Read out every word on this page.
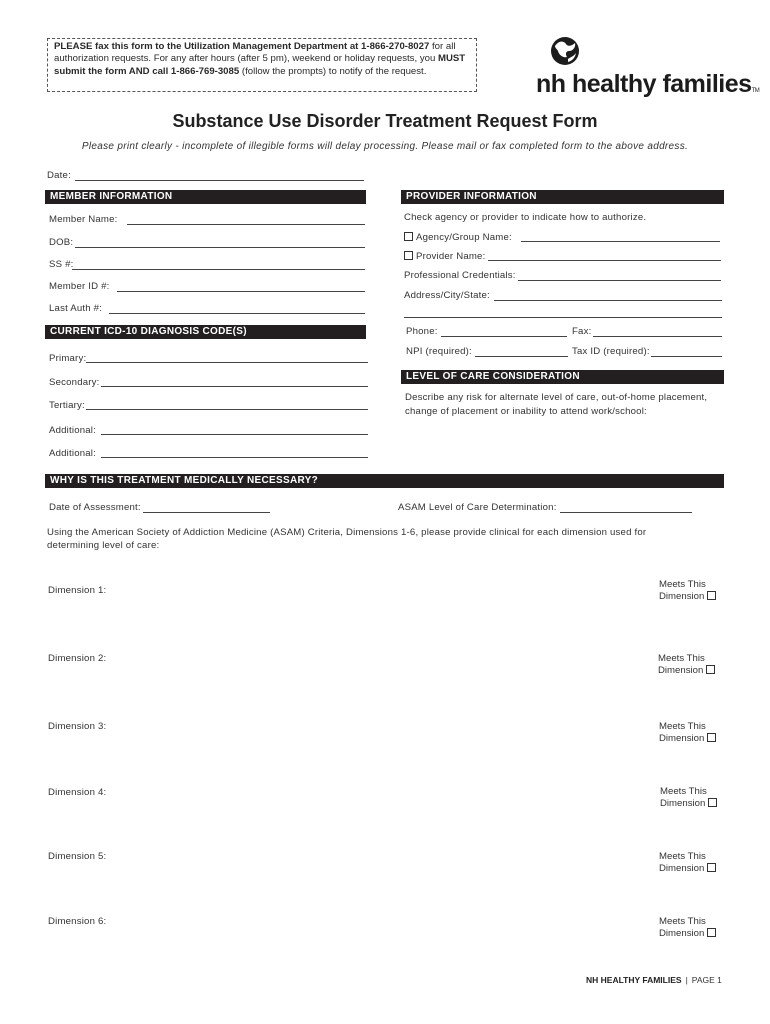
PLEASE fax this form to the Utilization Management Department at 1-866-270-8027 for all authorization requests. For any after hours (after 5 pm), weekend or holiday requests, you MUST submit the form AND call 1-866-769-3085 (follow the prompts) to notify of the request.	nh healthy familiesTM
Substance Use Disorder Treatment Request Form
Please print clearly - incomplete of illegible forms will delay processing. Please mail or fax completed form to the above address.
Date:
MEMBER INFORMATION
Member Name:
DOB:
SS #:
Member ID #:
Last Auth #:
CURRENT ICD-10 DIAGNOSIS CODE(S)
Primary:
Secondary:
Tertiary:
Additional:
Additional:
PROVIDER INFORMATION
Check agency or provider to indicate how to authorize.
Agency/Group Name:
Provider Name:
Professional Credentials:
Address/City/State:
Phone:	Fax:
NPI (required):	Tax ID (required):
LEVEL OF CARE CONSIDERATION
Describe any risk for alternate level of care, out-of-home placement,
change of placement or inability to attend work/school:
WHY IS THIS TREATMENT MEDICALLY NECESSARY?
Date of Assessment:	ASAM Level of Care Determination:
Using the American Society of Addiction Medicine (ASAM) Criteria, Dimensions 1-6, please provide clinical for each dimension used for
determining level of care:
Dimension 1:
Meets This
Dimension
Dimension 2:	Meets This
Dimension
Dimension 3:	Meets This
Dimension
Dimension 4:	Meets This
Dimension
Dimension 5:	Meets This
Dimension
Dimension 6:	Meets This
Dimension
NH HEALTHY FAMILIES | PAGE 1
